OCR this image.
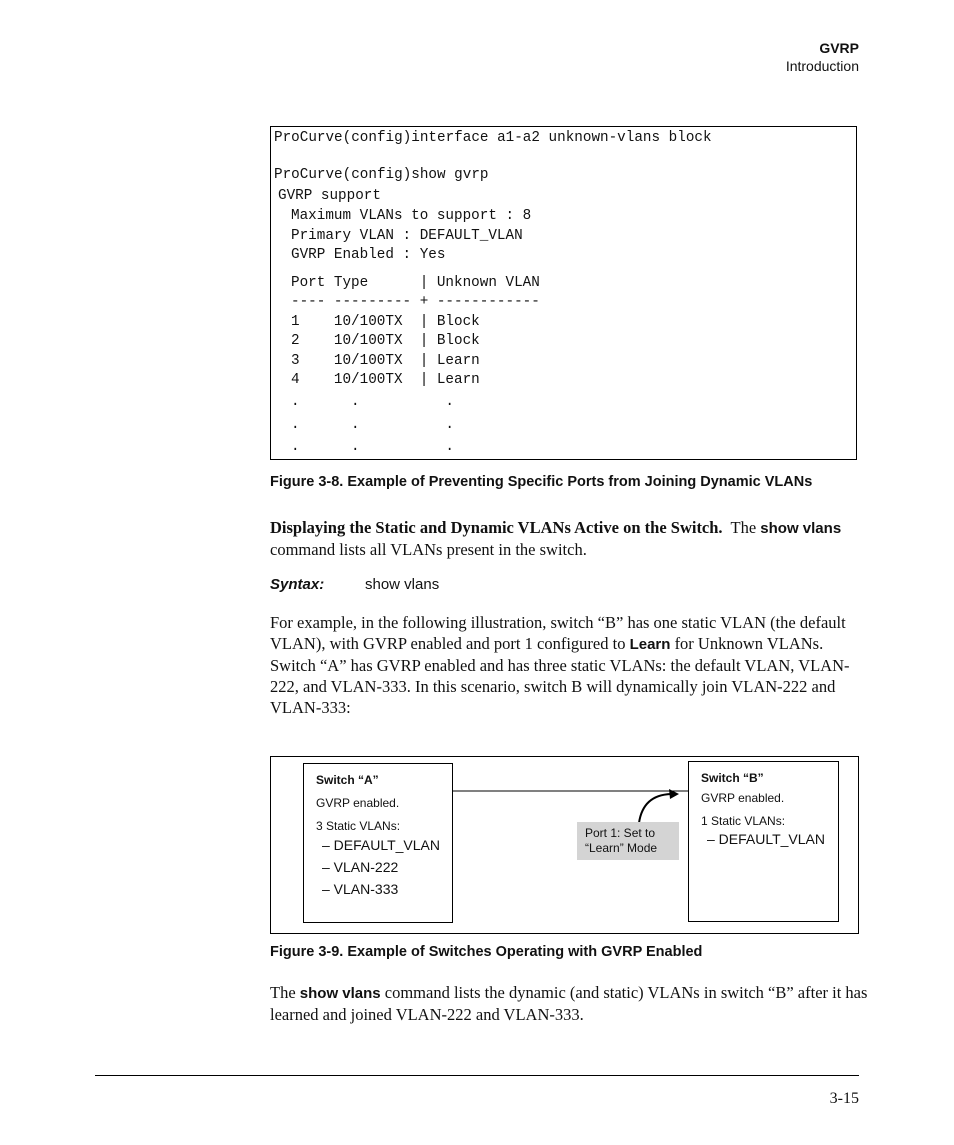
GVRP
Introduction
ProCurve(config)interface a1-a2 unknown-vlans block
ProCurve(config)show gvrp
GVRP support
Maximum VLANs to support : 8
Primary VLAN : DEFAULT_VLAN
GVRP Enabled : Yes
Port Type      | Unknown VLAN
---- --------- + ------------
1    10/100TX  | Block
2    10/100TX  | Block
3    10/100TX  | Learn
4    10/100TX  | Learn
.      .          .
.      .          .
.      .          .
Figure 3-8. Example of Preventing Specific Ports from Joining Dynamic VLANs
Displaying the Static and Dynamic VLANs Active on the Switch. The show vlans command lists all VLANs present in the switch.
Syntax:	show vlans
For example, in the following illustration, switch “B” has one static VLAN (the default VLAN), with GVRP enabled and port 1 configured to Learn for Unknown VLANs. Switch “A” has GVRP enabled and has three static VLANs: the default VLAN, VLAN-222, and VLAN-333. In this scenario, switch B will dynamically join VLAN-222 and VLAN-333:
Switch “A”
GVRP enabled.
3 Static VLANs:
– DEFAULT_VLAN
– VLAN-222
– VLAN-333
Port 1: Set to
“Learn” Mode
Switch “B”
GVRP enabled.
1 Static VLANs:
– DEFAULT_VLAN
Figure 3-9. Example of Switches Operating with GVRP Enabled
The show vlans command lists the dynamic (and static) VLANs in switch “B” after it has learned and joined VLAN-222 and VLAN-333.
3-15
